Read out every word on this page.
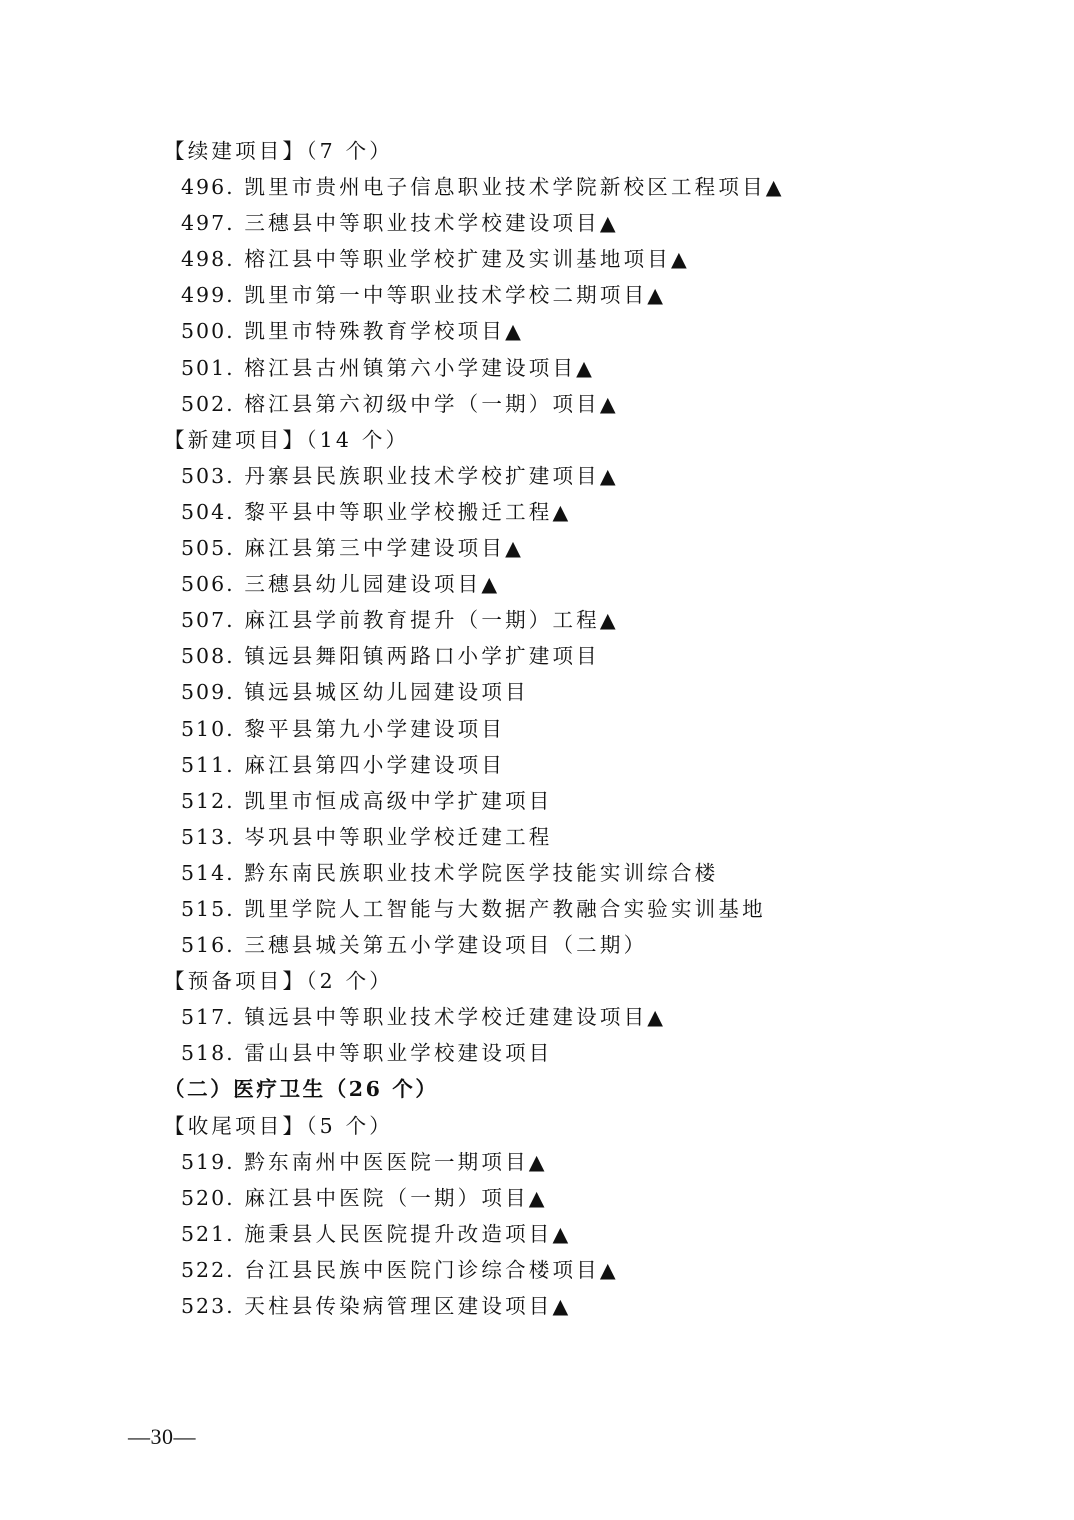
【续建项目】（7 个）
496. 凯里市贵州电子信息职业技术学院新校区工程项目▲
497. 三穗县中等职业技术学校建设项目▲
498. 榕江县中等职业学校扩建及实训基地项目▲
499. 凯里市第一中等职业技术学校二期项目▲
500. 凯里市特殊教育学校项目▲
501. 榕江县古州镇第六小学建设项目▲
502. 榕江县第六初级中学（一期）项目▲
【新建项目】（14 个）
503. 丹寨县民族职业技术学校扩建项目▲
504. 黎平县中等职业学校搬迁工程▲
505. 麻江县第三中学建设项目▲
506. 三穗县幼儿园建设项目▲
507. 麻江县学前教育提升（一期）工程▲
508. 镇远县舞阳镇两路口小学扩建项目
509. 镇远县城区幼儿园建设项目
510. 黎平县第九小学建设项目
511. 麻江县第四小学建设项目
512. 凯里市恒成高级中学扩建项目
513. 岑巩县中等职业学校迁建工程
514. 黔东南民族职业技术学院医学技能实训综合楼
515. 凯里学院人工智能与大数据产教融合实验实训基地
516. 三穗县城关第五小学建设项目（二期）
【预备项目】（2 个）
517. 镇远县中等职业技术学校迁建建设项目▲
518. 雷山县中等职业学校建设项目
（二）医疗卫生（26 个）
【收尾项目】（5 个）
519. 黔东南州中医医院一期项目▲
520. 麻江县中医院（一期）项目▲
521. 施秉县人民医院提升改造项目▲
522. 台江县民族中医院门诊综合楼项目▲
523. 天柱县传染病管理区建设项目▲
—30—
